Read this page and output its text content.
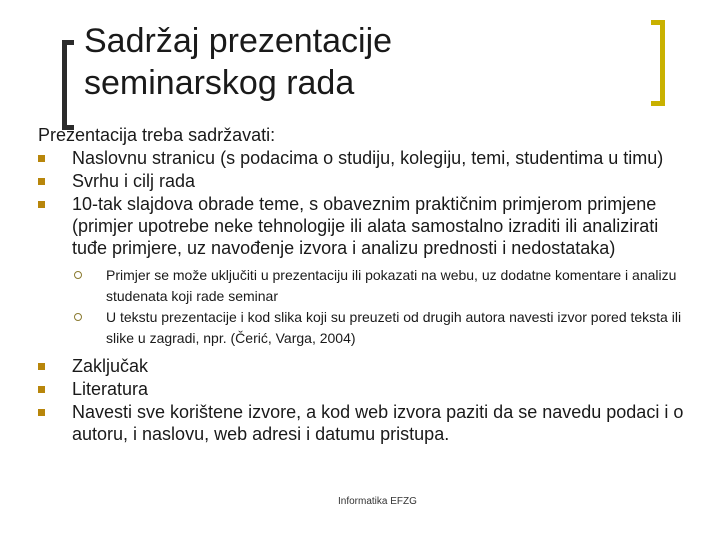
Sadržaj prezentacije
seminarskog rada

Prezentacija treba sadržavati:

Naslovnu stranicu (s podacima o studiju, kolegiju, temi, studentima u timu)
Svrhu i cilj rada
10-tak slajdova obrade teme, s obaveznim praktičnim primjerom primjene (primjer upotrebe neke tehnologije ili alata samostalno izraditi ili analizirati tuđe primjere, uz navođenje izvora i analizu prednosti i nedostataka)
Primjer se može uključiti u prezentaciju ili pokazati na webu, uz dodatne komentare i analizu studenata koji rade seminar
U tekstu prezentacije i kod slika koji su preuzeti od drugih autora navesti izvor pored teksta ili slike u zagradi, npr. (Čerić, Varga, 2004)
Zaključak
Literatura
Navesti sve korištene izvore, a kod web izvora paziti da se navedu podaci i o autoru, i naslovu, web adresi i datumu pristupa.
Informatika EFZG
